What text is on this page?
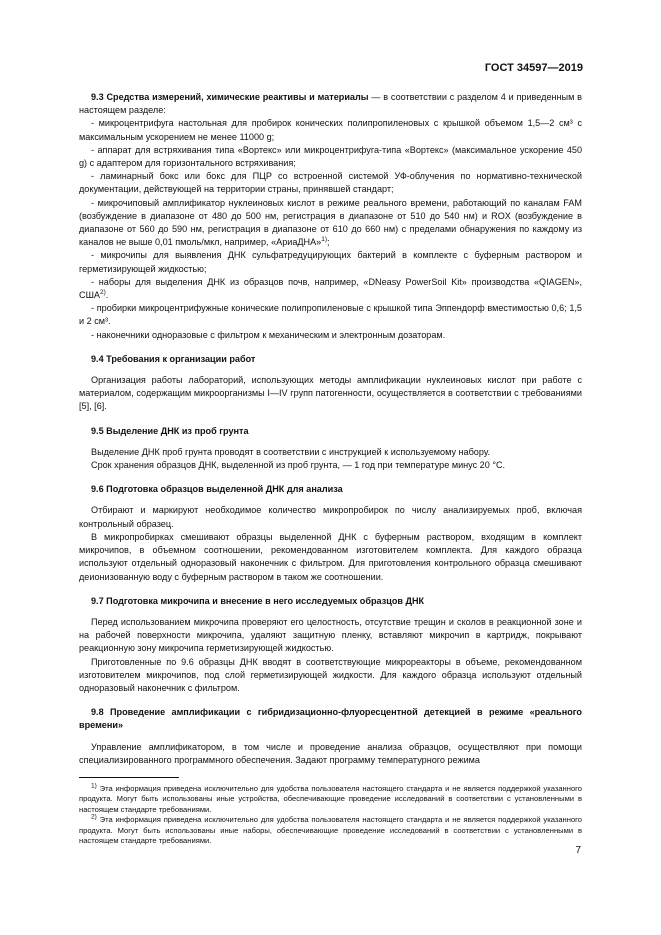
ГОСТ 34597—2019

9.3 Средства измерений, химические реактивы и материалы — в соответствии с разделом 4 и приведенным в настоящем разделе:

- микроцентрифуга настольная для пробирок конических полипропиленовых с крышкой объемом 1,5—2 см³ с максимальным ускорением не менее 11000 g;

- аппарат для встряхивания типа «Вортекс» или микроцентрифуга-типа «Вортекс» (максимальное ускорение 450 g) с адаптером для горизонтального встряхивания;

- ламинарный бокс или бокс для ПЦР со встроенной системой УФ-облучения по нормативно-технической документации, действующей на территории страны, принявшей стандарт;

- микрочиповый амплификатор нуклеиновых кислот в режиме реального времени, работающий по каналам FAM (возбуждение в диапазоне от 480 до 500 нм, регистрация в диапазоне от 510 до 540 нм) и ROX (возбуждение в диапазоне от 560 до 590 нм, регистрация в диапазоне от 610 до 660 нм) с пределами обнаружения по каждому из каналов не выше 0,01 пмоль/мкл, например, «АриаДНА»$^{1)}$;

- микрочипы для выявления ДНК сульфатредуцирующих бактерий в комплекте с буферным раствором и герметизирующей жидкостью;

- наборы для выделения ДНК из образцов почв, например, «DNeasy PowerSoil Kit» производства «QIAGEN», США$^{2)}$.

- пробирки микроцентрифужные конические полипропиленовые с крышкой типа Эппендорф вместимостью 0,6; 1,5 и 2 см³.

- наконечники одноразовые с фильтром к механическим и электронным дозаторам.

9.4 Требования к организации работ

Организация работы лабораторий, использующих методы амплификации нуклеиновых кислот при работе с материалом, содержащим микроорганизмы I—IV групп патогенности, осуществляется в соответствии с требованиями [5], [6].

9.5 Выделение ДНК из проб грунта

Выделение ДНК проб грунта проводят в соответствии с инструкцией к используемому набору.

Срок хранения образцов ДНК, выделенной из проб грунта, — 1 год при температуре минус 20 °С.

9.6 Подготовка образцов выделенной ДНК для анализа

Отбирают и маркируют необходимое количество микропробирок по числу анализируемых проб, включая контрольный образец.

В микропробирках смешивают образцы выделенной ДНК с буферным раствором, входящим в комплект микрочипов, в объемном соотношении, рекомендованном изготовителем комплекта. Для каждого образца используют отдельный одноразовый наконечник с фильтром. Для приготовления контрольного образца смешивают деионизованную воду с буферным раствором в таком же соотношении.

9.7 Подготовка микрочипа и внесение в него исследуемых образцов ДНК

Перед использованием микрочипа проверяют его целостность, отсутствие трещин и сколов в реакционной зоне и на рабочей поверхности микрочипа, удаляют защитную пленку, вставляют микрочип в картридж, покрывают реакционную зону микрочипа герметизирующей жидкостью.

Приготовленные по 9.6 образцы ДНК вводят в соответствующие микрореакторы в объеме, рекомендованном изготовителем микрочипов, под слой герметизирующей жидкости. Для каждого образца используют отдельный одноразовый наконечник с фильтром.

9.8 Проведение амплификации с гибридизационно-флуоресцентной детекцией в режиме «реального времени»

Управление амплификатором, в том числе и проведение анализа образцов, осуществляют при помощи специализированного программного обеспечения. Задают программу температурного режима

$^{1)}$ Эта информация приведена исключительно для удобства пользователя настоящего стандарта и не является поддержкой указанного продукта. Могут быть использованы иные устройства, обеспечивающие проведение исследований в соответствии с установленными в настоящем стандарте требованиями.

$^{2)}$ Эта информация приведена исключительно для удобства пользователя настоящего стандарта и не является поддержкой указанного продукта. Могут быть использованы иные наборы, обеспечивающие проведение исследований в соответствии с установленными в настоящем стандарте требованиями.

7
